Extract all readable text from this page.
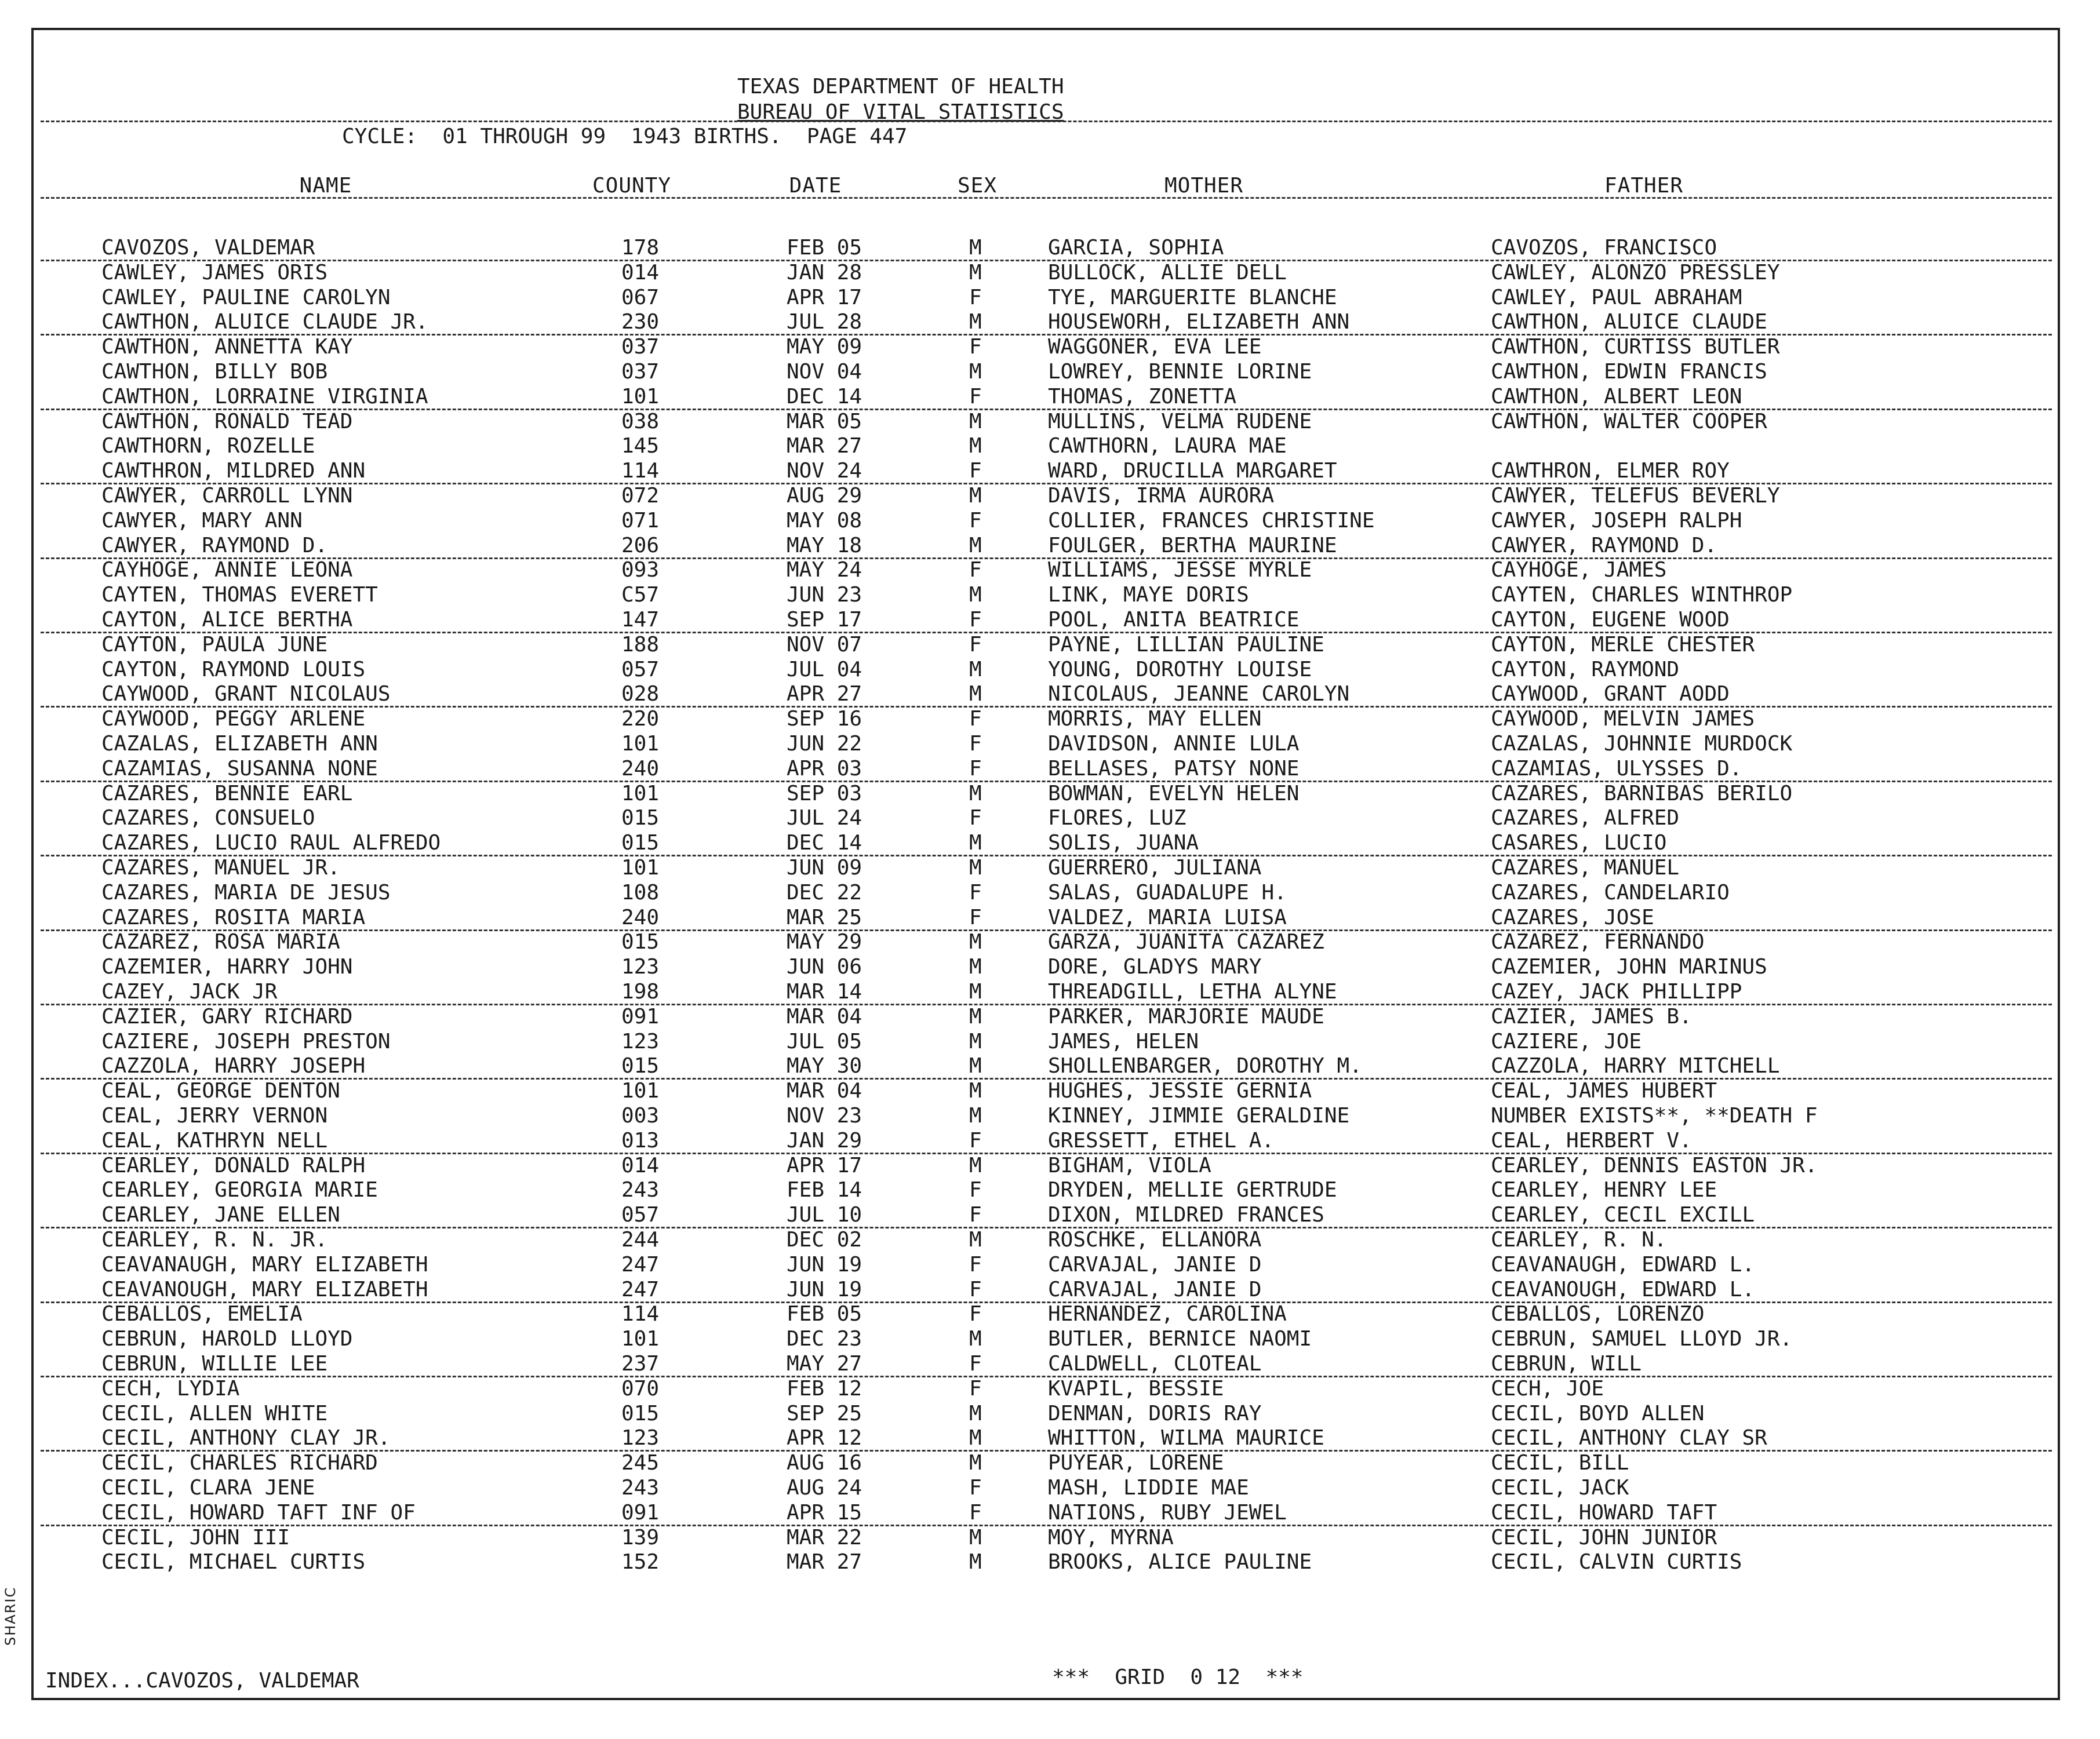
SHARIC
TEXAS DEPARTMENT OF HEALTH
BUREAU OF VITAL STATISTICS
CYCLE:  01 THROUGH 99  1943 BIRTHS.  PAGE 447
NAME	COUNTY	DATE	SEX	MOTHER	FATHER
CAVOZOS, VALDEMAR	178	FEB 05	M	GARCIA, SOPHIA	CAVOZOS, FRANCISCO
CAWLEY, JAMES ORIS	014	JAN 28	M	BULLOCK, ALLIE DELL	CAWLEY, ALONZO PRESSLEY
CAWLEY, PAULINE CAROLYN	067	APR 17	F	TYE, MARGUERITE BLANCHE	CAWLEY, PAUL ABRAHAM
CAWTHON, ALUICE CLAUDE JR.	230	JUL 28	M	HOUSEWORH, ELIZABETH ANN	CAWTHON, ALUICE CLAUDE
CAWTHON, ANNETTA KAY	037	MAY 09	F	WAGGONER, EVA LEE	CAWTHON, CURTISS BUTLER
CAWTHON, BILLY BOB	037	NOV 04	M	LOWREY, BENNIE LORINE	CAWTHON, EDWIN FRANCIS
CAWTHON, LORRAINE VIRGINIA	101	DEC 14	F	THOMAS, ZONETTA	CAWTHON, ALBERT LEON
CAWTHON, RONALD TEAD	038	MAR 05	M	MULLINS, VELMA RUDENE	CAWTHON, WALTER COOPER
CAWTHORN, ROZELLE	145	MAR 27	M	CAWTHORN, LAURA MAE
CAWTHRON, MILDRED ANN	114	NOV 24	F	WARD, DRUCILLA MARGARET	CAWTHRON, ELMER ROY
CAWYER, CARROLL LYNN	072	AUG 29	M	DAVIS, IRMA AURORA	CAWYER, TELEFUS BEVERLY
CAWYER, MARY ANN	071	MAY 08	F	COLLIER, FRANCES CHRISTINE	CAWYER, JOSEPH RALPH
CAWYER, RAYMOND D.	206	MAY 18	M	FOULGER, BERTHA MAURINE	CAWYER, RAYMOND D.
CAYHOGE, ANNIE LEONA	093	MAY 24	F	WILLIAMS, JESSE MYRLE	CAYHOGE, JAMES
CAYTEN, THOMAS EVERETT	C57	JUN 23	M	LINK, MAYE DORIS	CAYTEN, CHARLES WINTHROP
CAYTON, ALICE BERTHA	147	SEP 17	F	POOL, ANITA BEATRICE	CAYTON, EUGENE WOOD
CAYTON, PAULA JUNE	188	NOV 07	F	PAYNE, LILLIAN PAULINE	CAYTON, MERLE CHESTER
CAYTON, RAYMOND LOUIS	057	JUL 04	M	YOUNG, DOROTHY LOUISE	CAYTON, RAYMOND
CAYWOOD, GRANT NICOLAUS	028	APR 27	M	NICOLAUS, JEANNE CAROLYN	CAYWOOD, GRANT AODD
CAYWOOD, PEGGY ARLENE	220	SEP 16	F	MORRIS, MAY ELLEN	CAYWOOD, MELVIN JAMES
CAZALAS, ELIZABETH ANN	101	JUN 22	F	DAVIDSON, ANNIE LULA	CAZALAS, JOHNNIE MURDOCK
CAZAMIAS, SUSANNA NONE	240	APR 03	F	BELLASES, PATSY NONE	CAZAMIAS, ULYSSES D.
CAZARES, BENNIE EARL	101	SEP 03	M	BOWMAN, EVELYN HELEN	CAZARES, BARNIBAS BERILO
CAZARES, CONSUELO	015	JUL 24	F	FLORES, LUZ	CAZARES, ALFRED
CAZARES, LUCIO RAUL ALFREDO	015	DEC 14	M	SOLIS, JUANA	CASARES, LUCIO
CAZARES, MANUEL JR.	101	JUN 09	M	GUERRERO, JULIANA	CAZARES, MANUEL
CAZARES, MARIA DE JESUS	108	DEC 22	F	SALAS, GUADALUPE H.	CAZARES, CANDELARIO
CAZARES, ROSITA MARIA	240	MAR 25	F	VALDEZ, MARIA LUISA	CAZARES, JOSE
CAZAREZ, ROSA MARIA	015	MAY 29	M	GARZA, JUANITA CAZAREZ	CAZAREZ, FERNANDO
CAZEMIER, HARRY JOHN	123	JUN 06	M	DORE, GLADYS MARY	CAZEMIER, JOHN MARINUS
CAZEY, JACK JR	198	MAR 14	M	THREADGILL, LETHA ALYNE	CAZEY, JACK PHILLIPP
CAZIER, GARY RICHARD	091	MAR 04	M	PARKER, MARJORIE MAUDE	CAZIER, JAMES B.
CAZIERE, JOSEPH PRESTON	123	JUL 05	M	JAMES, HELEN	CAZIERE, JOE
CAZZOLA, HARRY JOSEPH	015	MAY 30	M	SHOLLENBARGER, DOROTHY M.	CAZZOLA, HARRY MITCHELL
CEAL, GEORGE DENTON	101	MAR 04	M	HUGHES, JESSIE GERNIA	CEAL, JAMES HUBERT
CEAL, JERRY VERNON	003	NOV 23	M	KINNEY, JIMMIE GERALDINE	NUMBER EXISTS**, **DEATH F
CEAL, KATHRYN NELL	013	JAN 29	F	GRESSETT, ETHEL A.	CEAL, HERBERT V.
CEARLEY, DONALD RALPH	014	APR 17	M	BIGHAM, VIOLA	CEARLEY, DENNIS EASTON JR.
CEARLEY, GEORGIA MARIE	243	FEB 14	F	DRYDEN, MELLIE GERTRUDE	CEARLEY, HENRY LEE
CEARLEY, JANE ELLEN	057	JUL 10	F	DIXON, MILDRED FRANCES	CEARLEY, CECIL EXCILL
CEARLEY, R. N. JR.	244	DEC 02	M	ROSCHKE, ELLANORA	CEARLEY, R. N.
CEAVANAUGH, MARY ELIZABETH	247	JUN 19	F	CARVAJAL, JANIE D	CEAVANAUGH, EDWARD L.
CEAVANOUGH, MARY ELIZABETH	247	JUN 19	F	CARVAJAL, JANIE D	CEAVANOUGH, EDWARD L.
CEBALLOS, EMELIA	114	FEB 05	F	HERNANDEZ, CAROLINA	CEBALLOS, LORENZO
CEBRUN, HAROLD LLOYD	101	DEC 23	M	BUTLER, BERNICE NAOMI	CEBRUN, SAMUEL LLOYD JR.
CEBRUN, WILLIE LEE	237	MAY 27	F	CALDWELL, CLOTEAL	CEBRUN, WILL
CECH, LYDIA	070	FEB 12	F	KVAPIL, BESSIE	CECH, JOE
CECIL, ALLEN WHITE	015	SEP 25	M	DENMAN, DORIS RAY	CECIL, BOYD ALLEN
CECIL, ANTHONY CLAY JR.	123	APR 12	M	WHITTON, WILMA MAURICE	CECIL, ANTHONY CLAY SR
CECIL, CHARLES RICHARD	245	AUG 16	M	PUYEAR, LORENE	CECIL, BILL
CECIL, CLARA JENE	243	AUG 24	F	MASH, LIDDIE MAE	CECIL, JACK
CECIL, HOWARD TAFT INF OF	091	APR 15	F	NATIONS, RUBY JEWEL	CECIL, HOWARD TAFT
CECIL, JOHN III	139	MAR 22	M	MOY, MYRNA	CECIL, JOHN JUNIOR
CECIL, MICHAEL CURTIS	152	MAR 27	M	BROOKS, ALICE PAULINE	CECIL, CALVIN CURTIS
INDEX...CAVOZOS, VALDEMAR	***  GRID  0 12  ***
